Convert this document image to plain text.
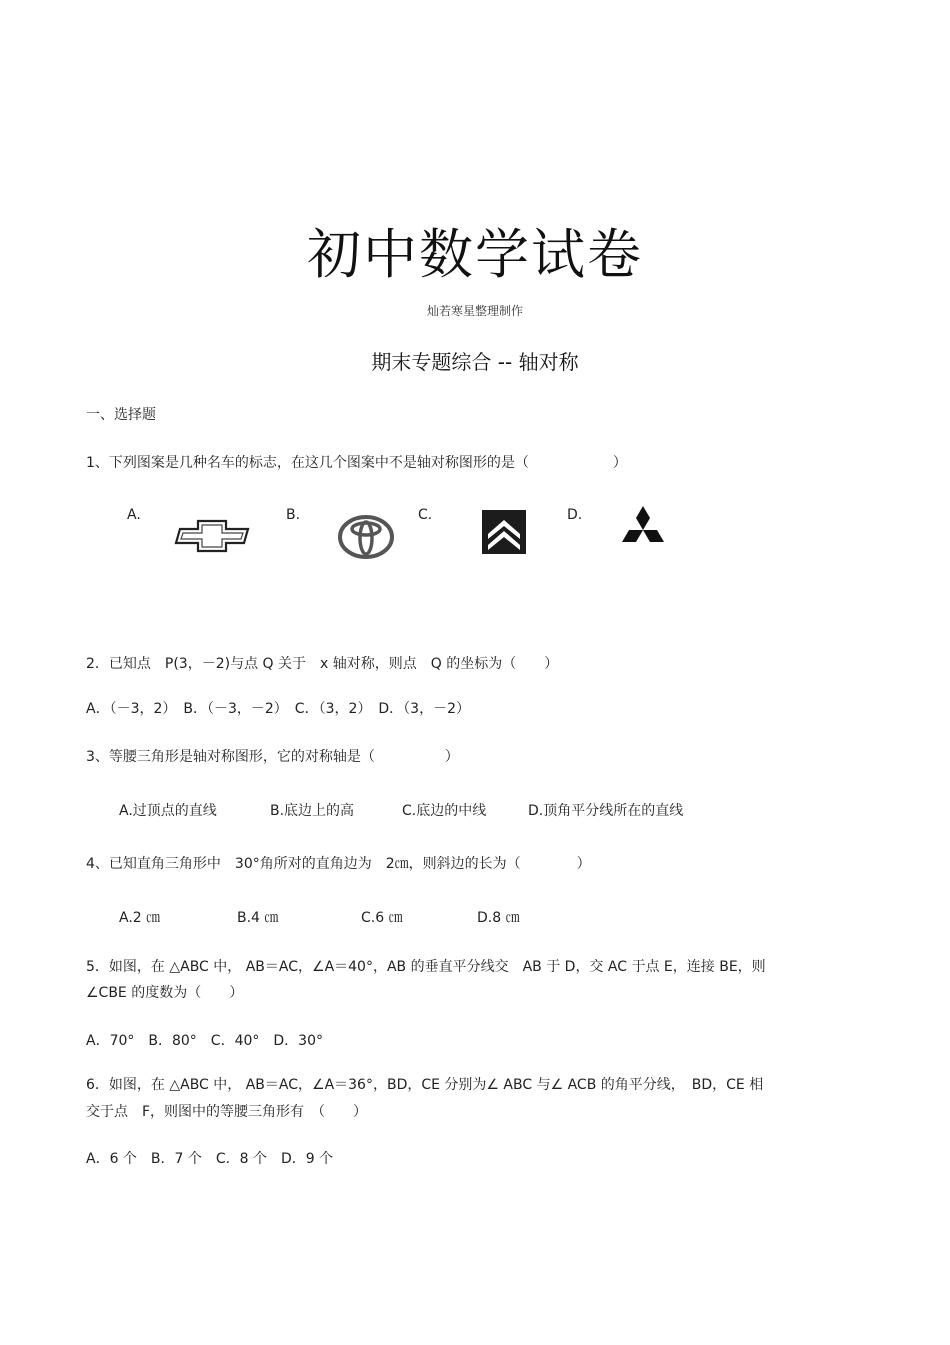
初中数学试卷
灿若寒星整理制作
期末专题综合 -- 轴对称
一、选择题
1、下列图案是几种名车的标志，在这几个图案中不是轴对称图形的是（　　　　　　）
A.	B.	C.	D.
2．已知点　P(3，－2)与点 Q 关于　x 轴对称，则点　Q 的坐标为（　　）
A．（－3，2）　B．（－3，－2）　C．（3，2）　D．（3，－2）
3、等腰三角形是轴对称图形，它的对称轴是（　　　　　）
A.过顶点的直线	B.底边上的高	C.底边的中线	D.顶角平分线所在的直线
4、已知直角三角形中　30°角所对的直角边为　2㎝，则斜边的长为（　　　　）
A.2 ㎝	B.4 ㎝	C.6 ㎝	D.8 ㎝
5．如图，在 △ABC 中， AB＝AC，∠A＝40°，AB 的垂直平分线交　AB 于 D，交 AC 于点 E，连接 BE，则
∠CBE 的度数为（　　）
A．70°　B．80°　C．40°　D．30°
6．如图，在 △ABC 中， AB＝AC，∠A＝36°，BD，CE 分别为∠ ABC 与∠ ACB 的角平分线，　BD，CE 相
交于点　F，则图中的等腰三角形有　（　　）
A．6 个　B．7 个　C．8 个　D．9 个
